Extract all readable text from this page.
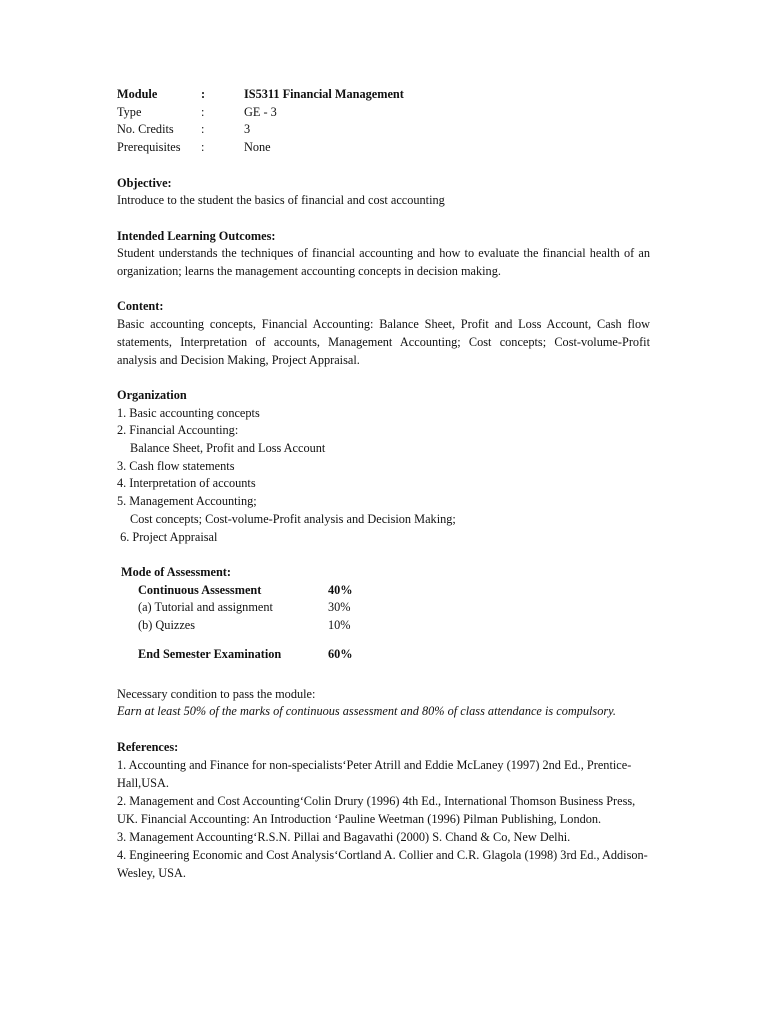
Module	:	IS5311 Financial Management
Type	:	GE - 3
No. Credits	:	3
Prerequisites	:	None
Objective:
Introduce to the student the basics of financial and cost accounting
Intended Learning Outcomes:
Student understands the techniques of financial accounting and how to evaluate the financial health of an organization; learns the management accounting concepts in decision making.
Content:
Basic accounting concepts, Financial Accounting: Balance Sheet, Profit and Loss Account, Cash flow statements, Interpretation of accounts, Management Accounting; Cost concepts; Cost-volume-Profit analysis and Decision Making, Project Appraisal.
Organization
1. Basic accounting concepts
2. Financial Accounting:
Balance Sheet, Profit and Loss Account
3. Cash flow statements
4. Interpretation of accounts
5. Management Accounting;
Cost concepts; Cost-volume-Profit analysis and Decision Making;
6. Project Appraisal
Mode of Assessment:
Continuous Assessment	40%
(a) Tutorial and assignment	30%
(b) Quizzes	10%
End Semester Examination	60%
Necessary condition to pass the module:
Earn at least 50% of the marks of continuous assessment and 80% of class attendance is compulsory.
References:
1. Accounting and Finance for non-specialists‘Peter Atrill and Eddie McLaney (1997) 2nd Ed., Prentice-Hall,USA.
2. Management and Cost Accounting‘Colin Drury (1996) 4th Ed., International Thomson Business Press, UK. Financial Accounting: An Introduction ‘Pauline Weetman (1996) Pilman Publishing, London.
3. Management Accounting‘R.S.N. Pillai and Bagavathi (2000) S. Chand & Co, New Delhi.
4. Engineering Economic and Cost Analysis‘Cortland A. Collier and C.R. Glagola (1998) 3rd Ed., Addison-Wesley, USA.
